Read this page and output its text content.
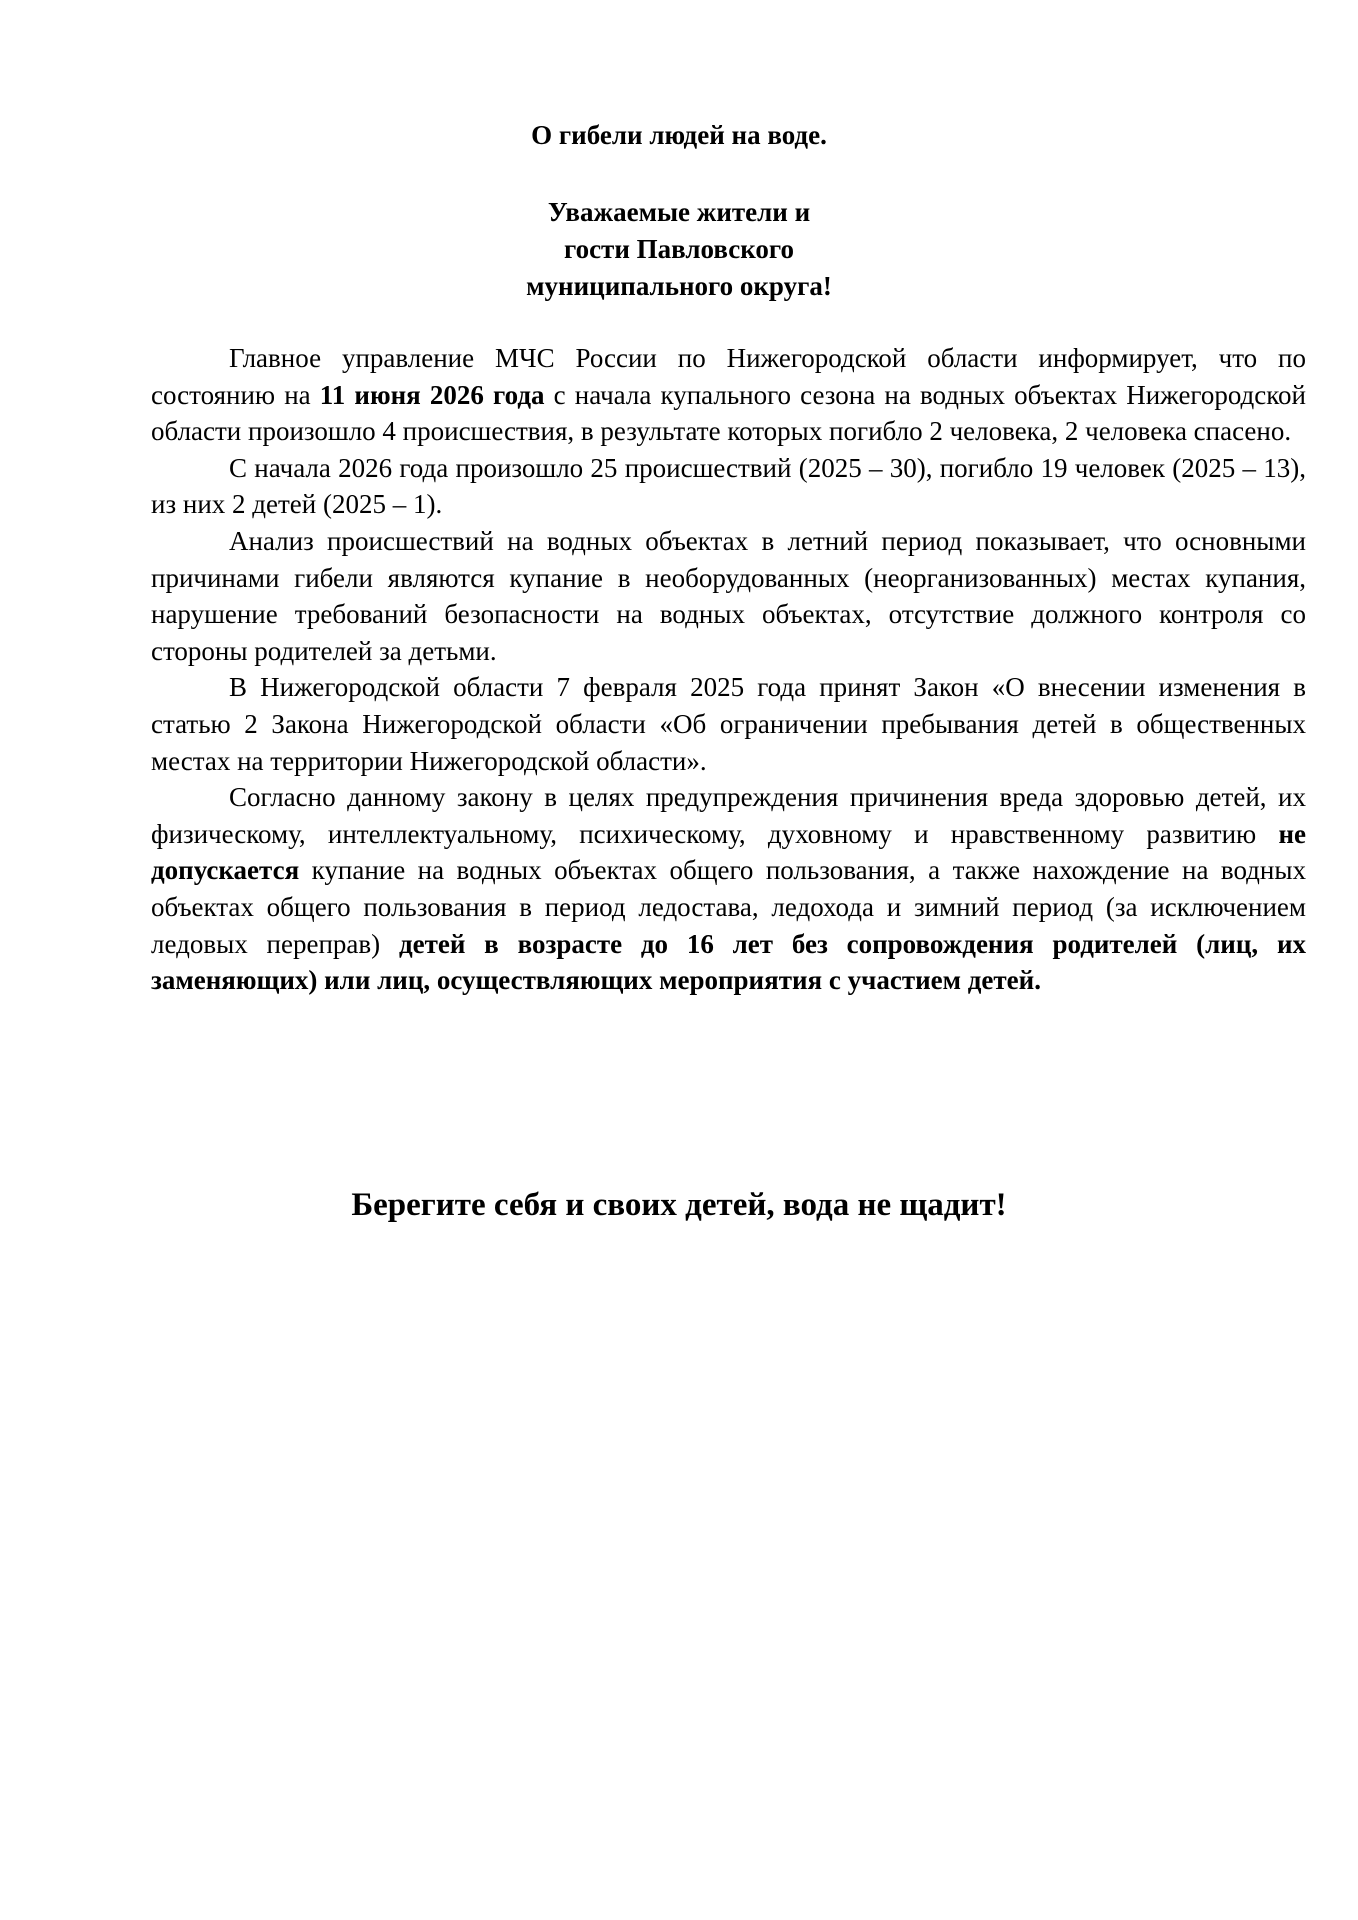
О гибели людей на воде.
Уважаемые жители и
гости Павловского
муниципального округа!

Главное управление МЧС России по Нижегородской области информирует, что по состоянию на 11 июня 2026 года с начала купального сезона на водных объектах Нижегородской области произошло 4 происшествия, в результате которых погибло 2 человека, 2 человека спасено.

С начала 2026 года произошло 25 происшествий (2025 – 30), погибло 19 человек (2025 – 13), из них 2 детей (2025 – 1).

Анализ происшествий на водных объектах в летний период показывает, что основными причинами гибели являются купание в необорудованных (неорганизованных) местах купания, нарушение требований безопасности на водных объектах, отсутствие должного контроля со стороны родителей за детьми.

В Нижегородской области 7 февраля 2025 года принят Закон «О внесении изменения в статью 2 Закона Нижегородской области «Об ограничении пребывания детей в общественных местах на территории Нижегородской области».

Согласно данному закону в целях предупреждения причинения вреда здоровью детей, их физическому, интеллектуальному, психическому, духовному и нравственному развитию не допускается купание на водных объектах общего пользования, а также нахождение на водных объектах общего пользования в период ледостава, ледохода и зимний период (за исключением ледовых переправ) детей в возрасте до 16 лет без сопровождения родителей (лиц, их заменяющих) или лиц, осуществляющих мероприятия с участием детей.

Берегите себя и своих детей, вода не щадит!
